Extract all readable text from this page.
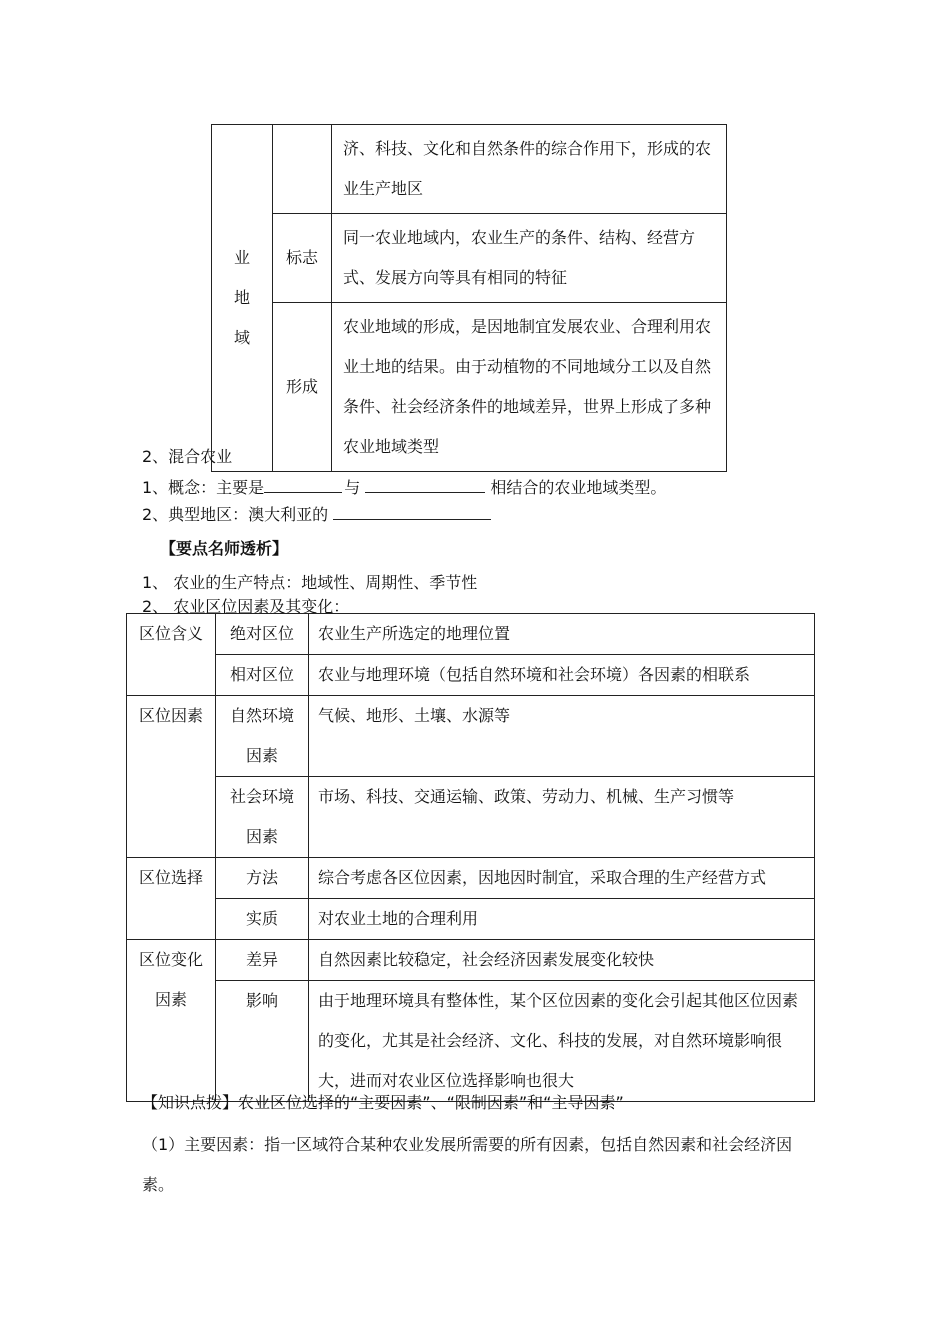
业
地
域		济、科技、文化和自然条件的综合作用下，形成的农业生产地区
	标志	同一农业地域内，农业生产的条件、结构、经营方式、发展方向等具有相同的特征
	形成	农业地域的形成，是因地制宜发展农业、合理利用农业土地的结果。由于动植物的不同地域分工以及自然条件、社会经济条件的地域差异，世界上形成了多种农业地域类型
2、混合农业
1、概念：主要是	与	相结合的农业地域类型。
2、典型地区：澳大利亚的
【要点名师透析】
1、 农业的生产特点：地域性、周期性、季节性
2、 农业区位因素及其变化：
区位含义	绝对区位	农业生产所选定的地理位置
	相对区位	农业与地理环境（包括自然环境和社会环境）各因素的相联系
区位因素	自然环境因素	气候、地形、土壤、水源等
	社会环境因素	市场、科技、交通运输、政策、劳动力、机械、生产习惯等
区位选择	方法	综合考虑各区位因素，因地因时制宜，采取合理的生产经营方式
	实质	对农业土地的合理利用
区位变化因素	差异	自然因素比较稳定，社会经济因素发展变化较快
	影响	由于地理环境具有整体性，某个区位因素的变化会引起其他区位因素的变化，尤其是社会经济、文化、科技的发展，对自然环境影响很大，进而对农业区位选择影响也很大
【知识点拨】农业区位选择的“主要因素”、“限制因素”和“主导因素”
（1）主要因素：指一区域符合某种农业发展所需要的所有因素，包括自然因素和社会经济因素。
